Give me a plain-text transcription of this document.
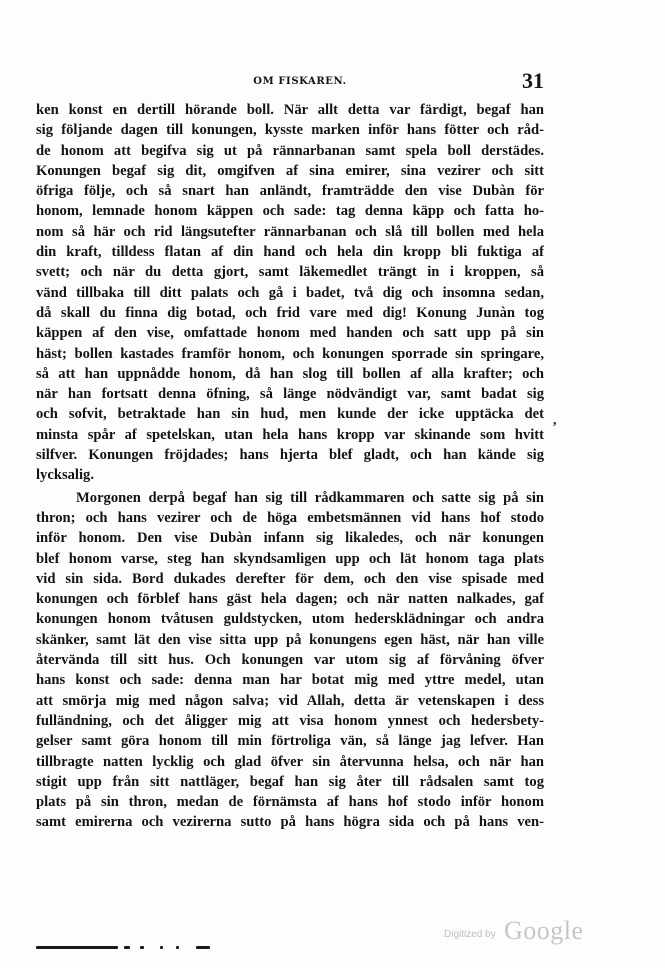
OM FISKAREN.	31
ken konst en dertill hörande boll. När allt detta var färdigt, begaf han
sig följande dagen till konungen, kysste marken inför hans fötter och råd-
de honom att begifva sig ut på rännarbanan samt spela boll derstädes.
Konungen begaf sig dit, omgifven af sina emirer, sina vezirer och sitt
öfriga följe, och så snart han anländt, framträdde den vise Dubàn för
honom, lemnade honom käppen och sade: tag denna käpp och fatta ho-
nom så här och rid längsutefter rännarbanan och slå till bollen med hela
din kraft, tilldess flatan af din hand och hela din kropp bli fuktiga af
svett; och när du detta gjort, samt läkemedlet trängt in i kroppen, så
vänd tillbaka till ditt palats och gå i badet, två dig och insomna sedan,
då skall du finna dig botad, och frid vare med dig! Konung Junàn tog
käppen af den vise, omfattade honom med handen och satt upp på sin
häst; bollen kastades framför honom, och konungen sporrade sin springare,
så att han uppnådde honom, då han slog till bollen af alla krafter; och
när han fortsatt denna öfning, så länge nödvändigt var, samt badat sig
och sofvit, betraktade han sin hud, men kunde der icke upptäcka det
minsta spår af spetelskan, utan hela hans kropp var skinande som hvitt
silfver. Konungen fröjdades; hans hjerta blef gladt, och han kände sig
lycksalig.
Morgonen derpå begaf han sig till rådkammaren och satte sig på sin
thron; och hans vezirer och de höga embetsmännen vid hans hof stodo
inför honom. Den vise Dubàn infann sig likaledes, och när konungen
blef honom varse, steg han skyndsamligen upp och lät honom taga plats
vid sin sida. Bord dukades derefter för dem, och den vise spisade med
konungen och förblef hans gäst hela dagen; och när natten nalkades, gaf
konungen honom tvåtusen guldstycken, utom hedersklädningar och andra
skänker, samt lät den vise sitta upp på konungens egen häst, när han ville
återvända till sitt hus. Och konungen var utom sig af förvåning öfver
hans konst och sade: denna man har botat mig med yttre medel, utan
att smörja mig med någon salva; vid Allah, detta är vetenskapen i dess
fulländning, och det åligger mig att visa honom ynnest och hedersbety-
gelser samt göra honom till min förtroliga vän, så länge jag lefver. Han
tillbragte natten lycklig och glad öfver sin återvunna helsa, och när han
stigit upp från sitt nattläger, begaf han sig åter till rådsalen samt tog
plats på sin thron, medan de förnämsta af hans hof stodo inför honom
samt emirerna och vezirerna sutto på hans högra sida och på hans ven-
,
Digitized by Google
